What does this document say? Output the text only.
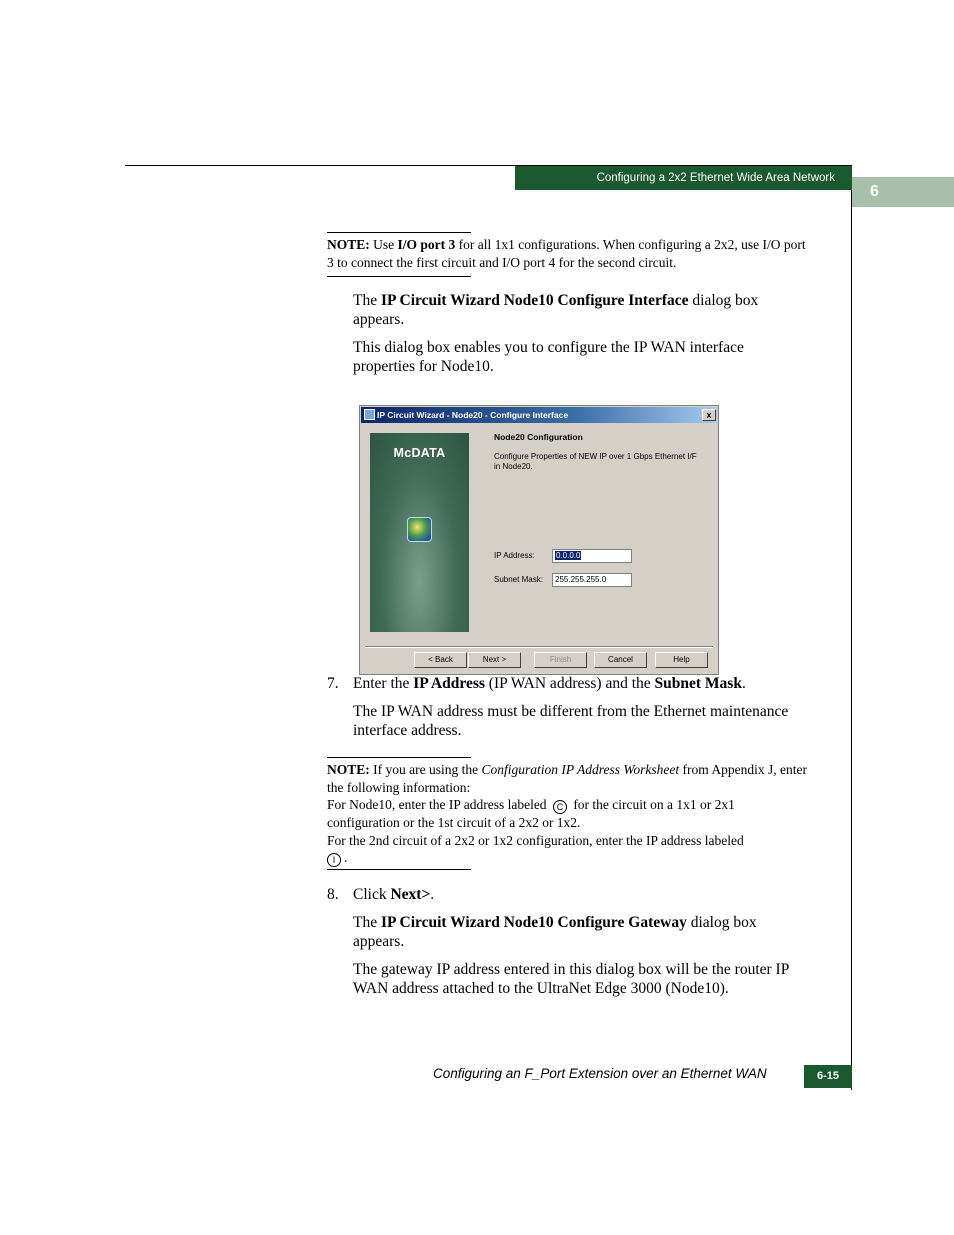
Configuring a 2x2 Ethernet Wide Area Network
6
NOTE: Use I/O port 3 for all 1x1 configurations. When configuring a 2x2, use I/O port 3 to connect the first circuit and I/O port 4 for the second circuit.
The IP Circuit Wizard Node10 Configure Interface dialog box appears.
This dialog box enables you to configure the IP WAN interface properties for Node10.
IP Circuit Wizard - Node20 - Configure Interface	x
McDATA
Node20 Configuration
Configure Properties of NEW IP over 1 Gbps Ethernet I/F in Node20.
IP Address:	0.0.0.0
Subnet Mask:	255.255.255.0
< Back	Next >	Finish	Cancel	Help
7. Enter the IP Address (IP WAN address) and the Subnet Mask.
The IP WAN address must be different from the Ethernet maintenance interface address.
NOTE: If you are using the Configuration IP Address Worksheet from Appendix J, enter the following information:
For Node10, enter the IP address labeled C for the circuit on a 1x1 or 2x1 configuration or the 1st circuit of a 2x2 or 1x2.
For the 2nd circuit of a 2x2 or 1x2 configuration, enter the IP address labeled
I .
8. Click Next>.
The IP Circuit Wizard Node10 Configure Gateway dialog box appears.
The gateway IP address entered in this dialog box will be the router IP WAN address attached to the UltraNet Edge 3000 (Node10).
Configuring an F_Port Extension over an Ethernet WAN	6-15
